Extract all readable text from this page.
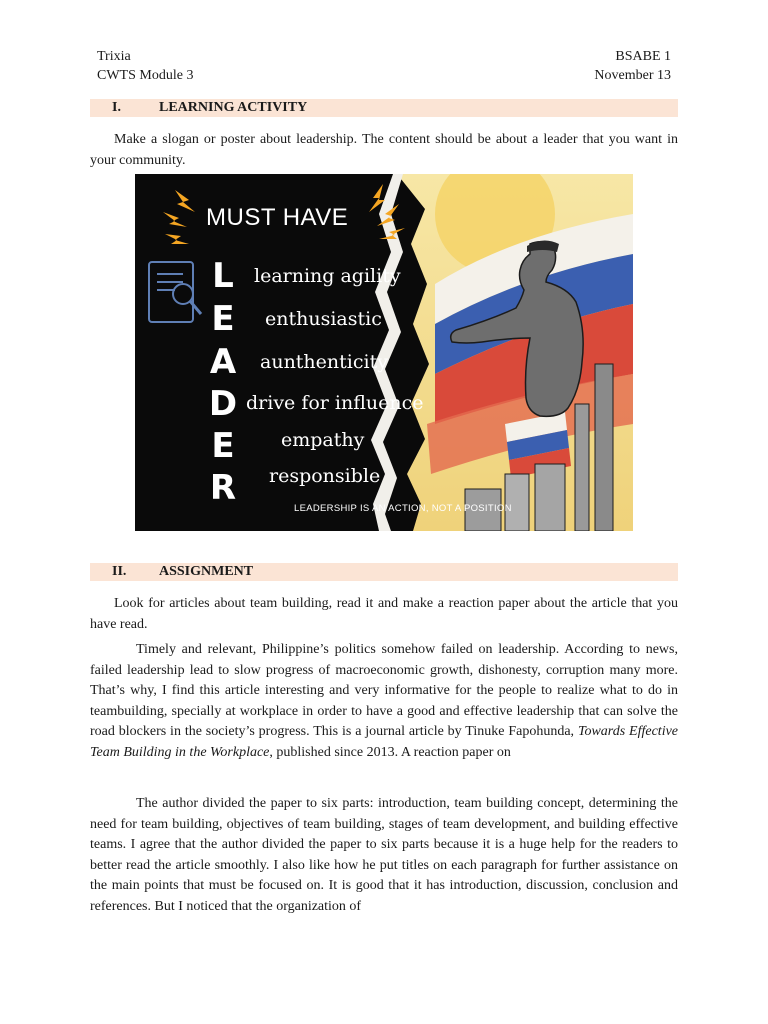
Trixia
CWTS Module 3
BSABE 1
November 13
I.	LEARNING ACTIVITY

Make a slogan or poster about leadership. The content should be about a leader that you want in your community.

MUST HAVE
L
E
A
D
E
R
learning agility
enthusiastic
aunthenticity
drive for influence
empathy
responsible
LEADERSHIP IS AN ACTION, NOT A POSITION
II. ASSIGNMENT

Look for articles about team building, read it and make a reaction paper about the article that you have read.

Timely and relevant, Philippine’s politics somehow failed on leadership. According to news, failed leadership lead to slow progress of macroeconomic growth, dishonesty, corruption many more. That’s why, I find this article interesting and very informative for the people to realize what to do in teambuilding, specially at workplace in order to have a good and effective leadership that can solve the road blockers in the society’s progress. This is a journal article by Tinuke Fapohunda, Towards Effective Team Building in the Workplace, published since 2013. A reaction paper on

The author divided the paper to six parts: introduction, team building concept, determining the need for team building, objectives of team building, stages of team development, and building effective teams. I agree that the author divided the paper to six parts because it is a huge help for the readers to better read the article smoothly. I also like how he put titles on each paragraph for further assistance on the main points that must be focused on. It is good that it has introduction, discussion, conclusion and references. But I noticed that the organization of
